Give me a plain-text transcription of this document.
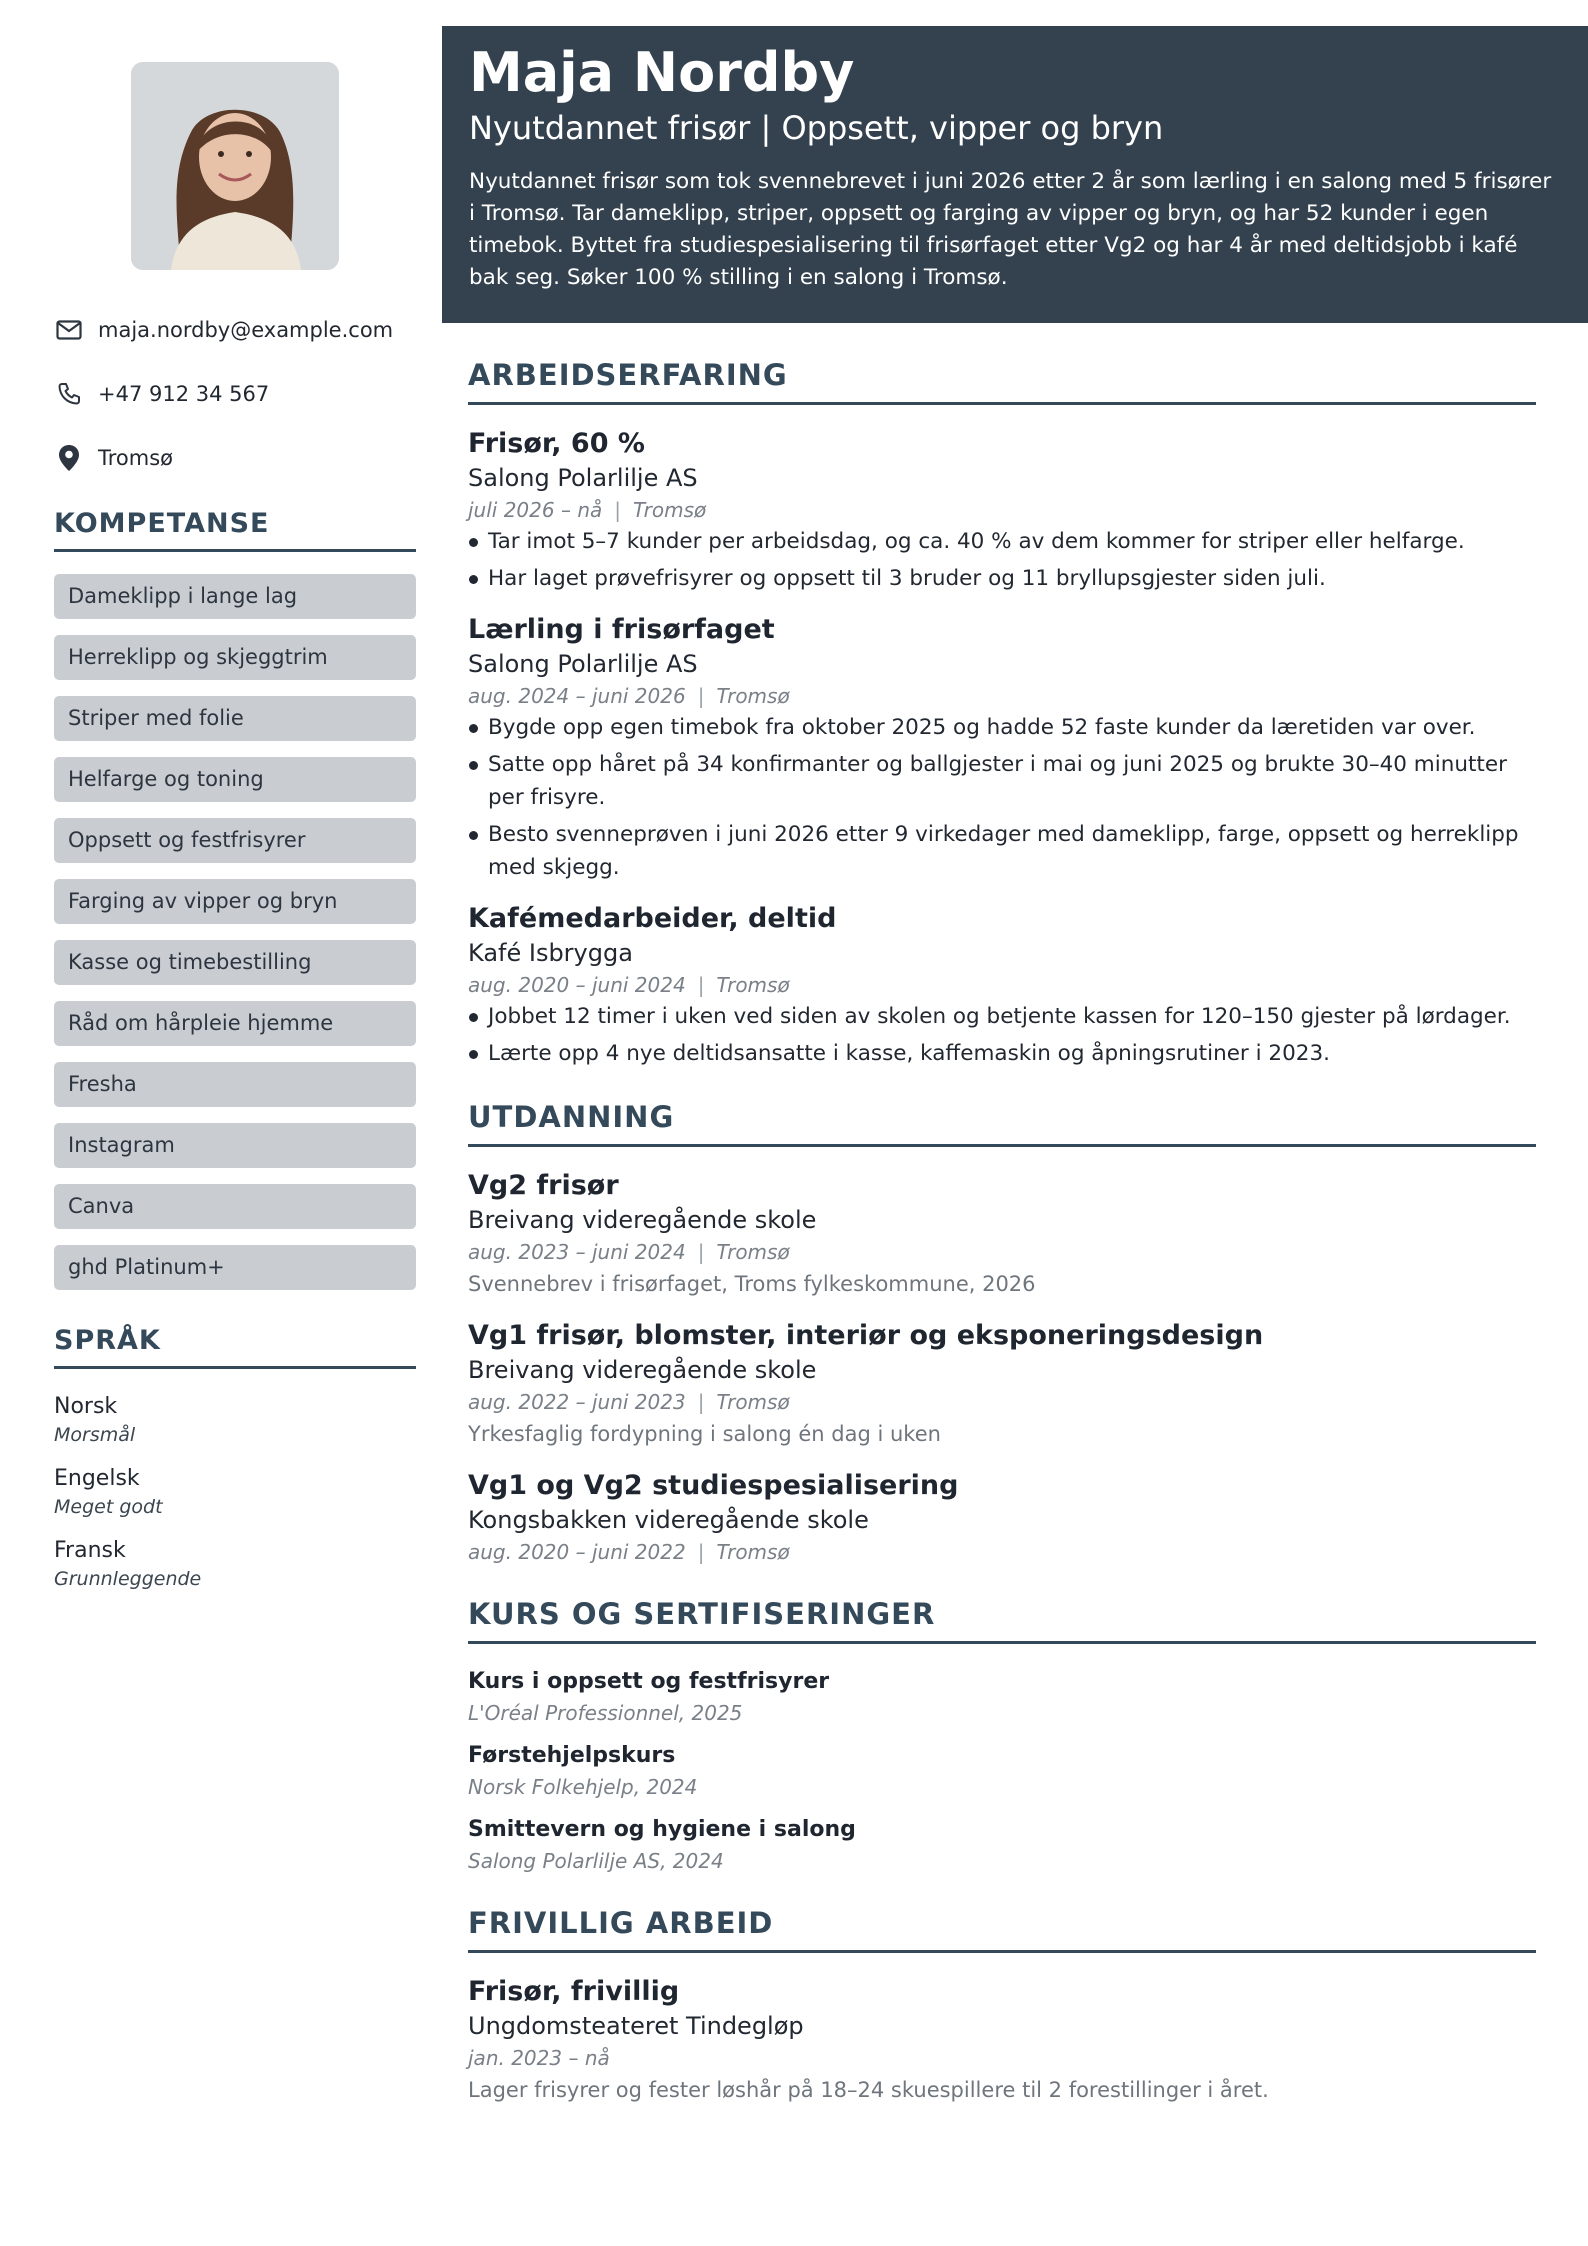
maja.nordby@example.com
+47 912 34 567
Tromsø
KOMPETANSE
Dameklipp i lange lag
Herreklipp og skjeggtrim
Striper med folie
Helfarge og toning
Oppsett og festfrisyrer
Farging av vipper og bryn
Kasse og timebestilling
Råd om hårpleie hjemme
Fresha
Instagram
Canva
ghd Platinum+
SPRÅK
Norsk
Morsmål
Engelsk
Meget godt
Fransk
Grunnleggende
Maja Nordby
Nyutdannet frisør | Oppsett, vipper og bryn
Nyutdannet frisør som tok svennebrevet i juni 2026 etter 2 år som lærling i en salong med 5 frisører i Tromsø. Tar dameklipp, striper, oppsett og farging av vipper og bryn, og har 52 kunder i egen timebok. Byttet fra studiespesialisering til frisørfaget etter Vg2 og har 4 år med deltidsjobb i kafé bak seg. Søker 100 % stilling i en salong i Tromsø.
ARBEIDSERFARING
Frisør, 60 %
Salong Polarlilje AS
juli 2026 – nå | Tromsø
Tar imot 5–7 kunder per arbeidsdag, og ca. 40 % av dem kommer for striper eller helfarge.
Har laget prøvefrisyrer og oppsett til 3 bruder og 11 bryllupsgjester siden juli.
Lærling i frisørfaget
Salong Polarlilje AS
aug. 2024 – juni 2026 | Tromsø
Bygde opp egen timebok fra oktober 2025 og hadde 52 faste kunder da læretiden var over.
Satte opp håret på 34 konfirmanter og ballgjester i mai og juni 2025 og brukte 30–40 minutter per frisyre.
Besto svenneprøven i juni 2026 etter 9 virkedager med dameklipp, farge, oppsett og herreklipp med skjegg.
Kafémedarbeider, deltid
Kafé Isbrygga
aug. 2020 – juni 2024 | Tromsø
Jobbet 12 timer i uken ved siden av skolen og betjente kassen for 120–150 gjester på lørdager.
Lærte opp 4 nye deltidsansatte i kasse, kaffemaskin og åpningsrutiner i 2023.
UTDANNING
Vg2 frisør
Breivang videregående skole
aug. 2023 – juni 2024 | Tromsø
Svennebrev i frisørfaget, Troms fylkeskommune, 2026
Vg1 frisør, blomster, interiør og eksponeringsdesign
Breivang videregående skole
aug. 2022 – juni 2023 | Tromsø
Yrkesfaglig fordypning i salong én dag i uken
Vg1 og Vg2 studiespesialisering
Kongsbakken videregående skole
aug. 2020 – juni 2022 | Tromsø
KURS OG SERTIFISERINGER
Kurs i oppsett og festfrisyrer
L'Oréal Professionnel, 2025
Førstehjelpskurs
Norsk Folkehjelp, 2024
Smittevern og hygiene i salong
Salong Polarlilje AS, 2024
FRIVILLIG ARBEID
Frisør, frivillig
Ungdomsteateret Tindegløp
jan. 2023 – nå
Lager frisyrer og fester løshår på 18–24 skuespillere til 2 forestillinger i året.
